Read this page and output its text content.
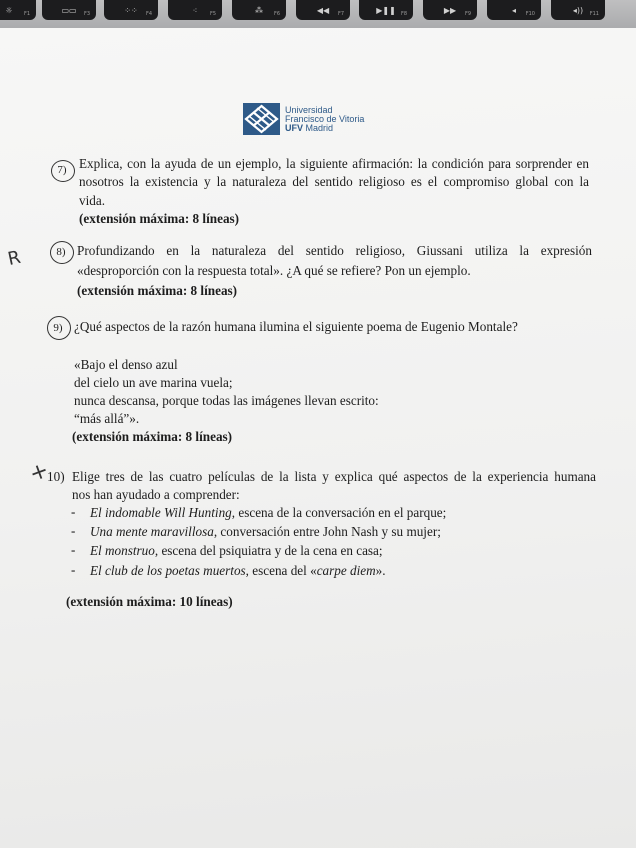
☼ F1	▭▭ F3	⁘⁘ F4	⁖	F5	⁂ F6	◀◀ F7	▶❚❚ F8	▶▶ F9	◂ F10	◂)) F11
Universidad
Francisco de Vitoria
UFV Madrid
7) Explica, con la ayuda de un ejemplo, la siguiente afirmación: la condición para sorprender en
nosotros la existencia y la naturaleza del sentido religioso es el compromiso global con la
vida.
(extensión máxima: 8 líneas)
R	8) Profundizando en la naturaleza del sentido religioso, Giussani utiliza la expresión
«desproporción con la respuesta total». ¿A qué se refiere? Pon un ejemplo.
(extensión máxima: 8 líneas)
9) ¿Qué aspectos de la razón humana ilumina el siguiente poema de Eugenio Montale?
«Bajo el denso azul
del cielo un ave marina vuela;
nunca descansa, porque todas las imágenes llevan escrito:
“más allá”».
(extensión máxima: 8 líneas)
+
10) Elige tres de las cuatro películas de la lista y explica qué aspectos de la experiencia humana
nos han ayudado a comprender:
- El indomable Will Hunting, escena de la conversación en el parque;
- Una mente maravillosa, conversación entre John Nash y su mujer;
- El monstruo, escena del psiquiatra y de la cena en casa;
- El club de los poetas muertos, escena del «carpe diem».
(extensión máxima: 10 líneas)
